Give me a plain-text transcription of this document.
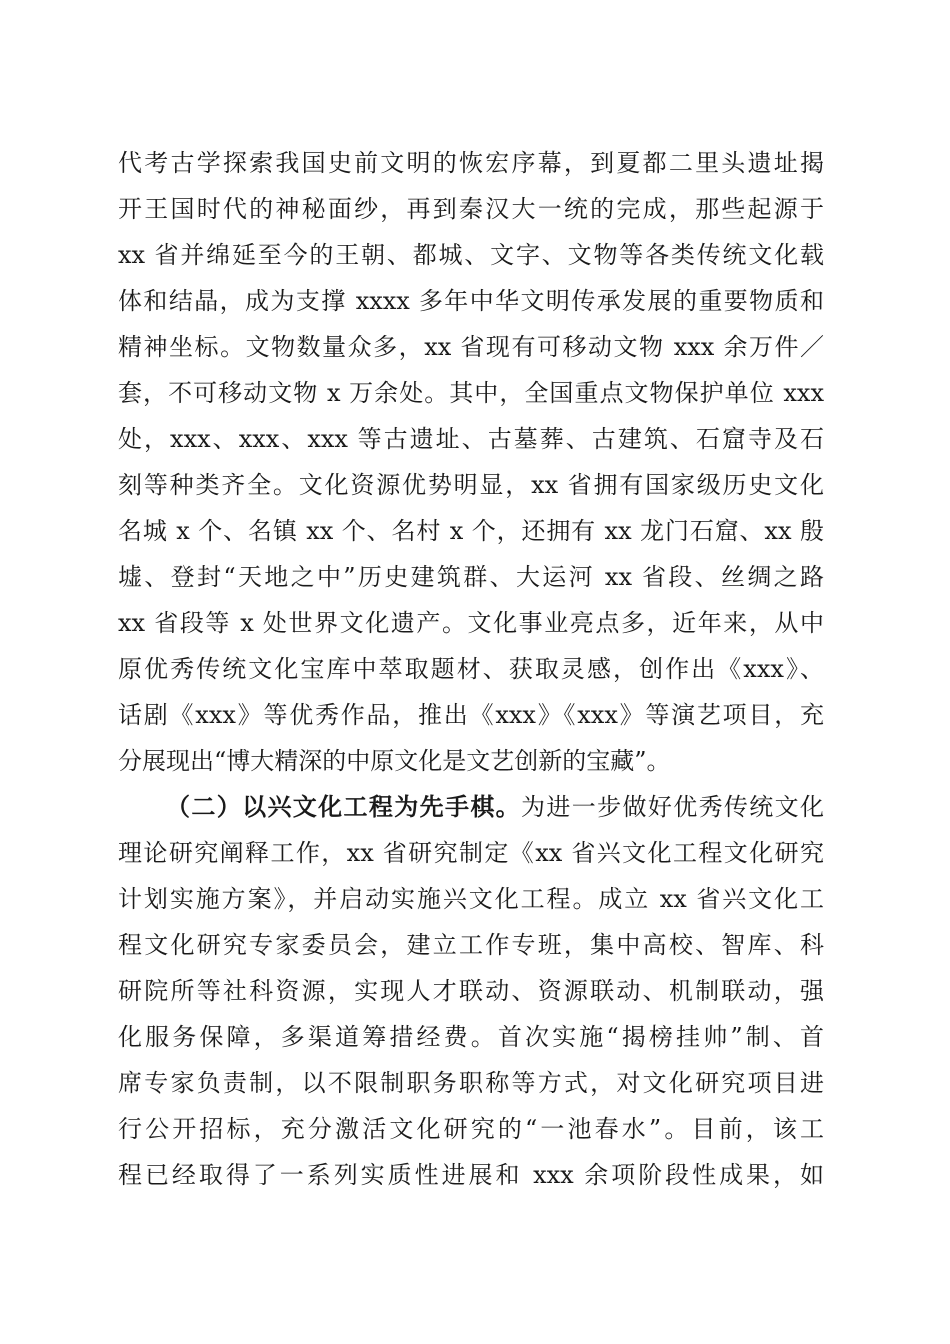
代考古学探索我国史前文明的恢宏序幕，到夏都二里头遗址揭
开王国时代的神秘面纱，再到秦汉大一统的完成，那些起源于
xx 省并绵延至今的王朝、都城、文字、文物等各类传统文化载
体和结晶，成为支撑 xxxx 多年中华文明传承发展的重要物质和
精神坐标。文物数量众多，xx 省现有可移动文物 xxx 余万件／
套，不可移动文物 x 万余处。其中，全国重点文物保护单位 xxx
处，xxx、xxx、xxx 等古遗址、古墓葬、古建筑、石窟寺及石
刻等种类齐全。文化资源优势明显，xx 省拥有国家级历史文化
名城 x 个、名镇 xx 个、名村 x 个，还拥有 xx 龙门石窟、xx 殷
墟、登封“天地之中”历史建筑群、大运河 xx 省段、丝绸之路
xx 省段等 x 处世界文化遗产。文化事业亮点多，近年来，从中
原优秀传统文化宝库中萃取题材、获取灵感，创作出《xxx》、
话剧《xxx》等优秀作品，推出《xxx》《xxx》等演艺项目，充
分展现出“博大精深的中原文化是文艺创新的宝藏”。
（二）以兴文化工程为先手棋。为进一步做好优秀传统文化
理论研究阐释工作，xx 省研究制定《xx 省兴文化工程文化研究
计划实施方案》，并启动实施兴文化工程。成立 xx 省兴文化工
程文化研究专家委员会，建立工作专班，集中高校、智库、科
研院所等社科资源，实现人才联动、资源联动、机制联动，强
化服务保障，多渠道筹措经费。首次实施“揭榜挂帅”制、首
席专家负责制，以不限制职务职称等方式，对文化研究项目进
行公开招标，充分激活文化研究的“一池春水”。目前，该工
程已经取得了一系列实质性进展和 xxx 余项阶段性成果，如
